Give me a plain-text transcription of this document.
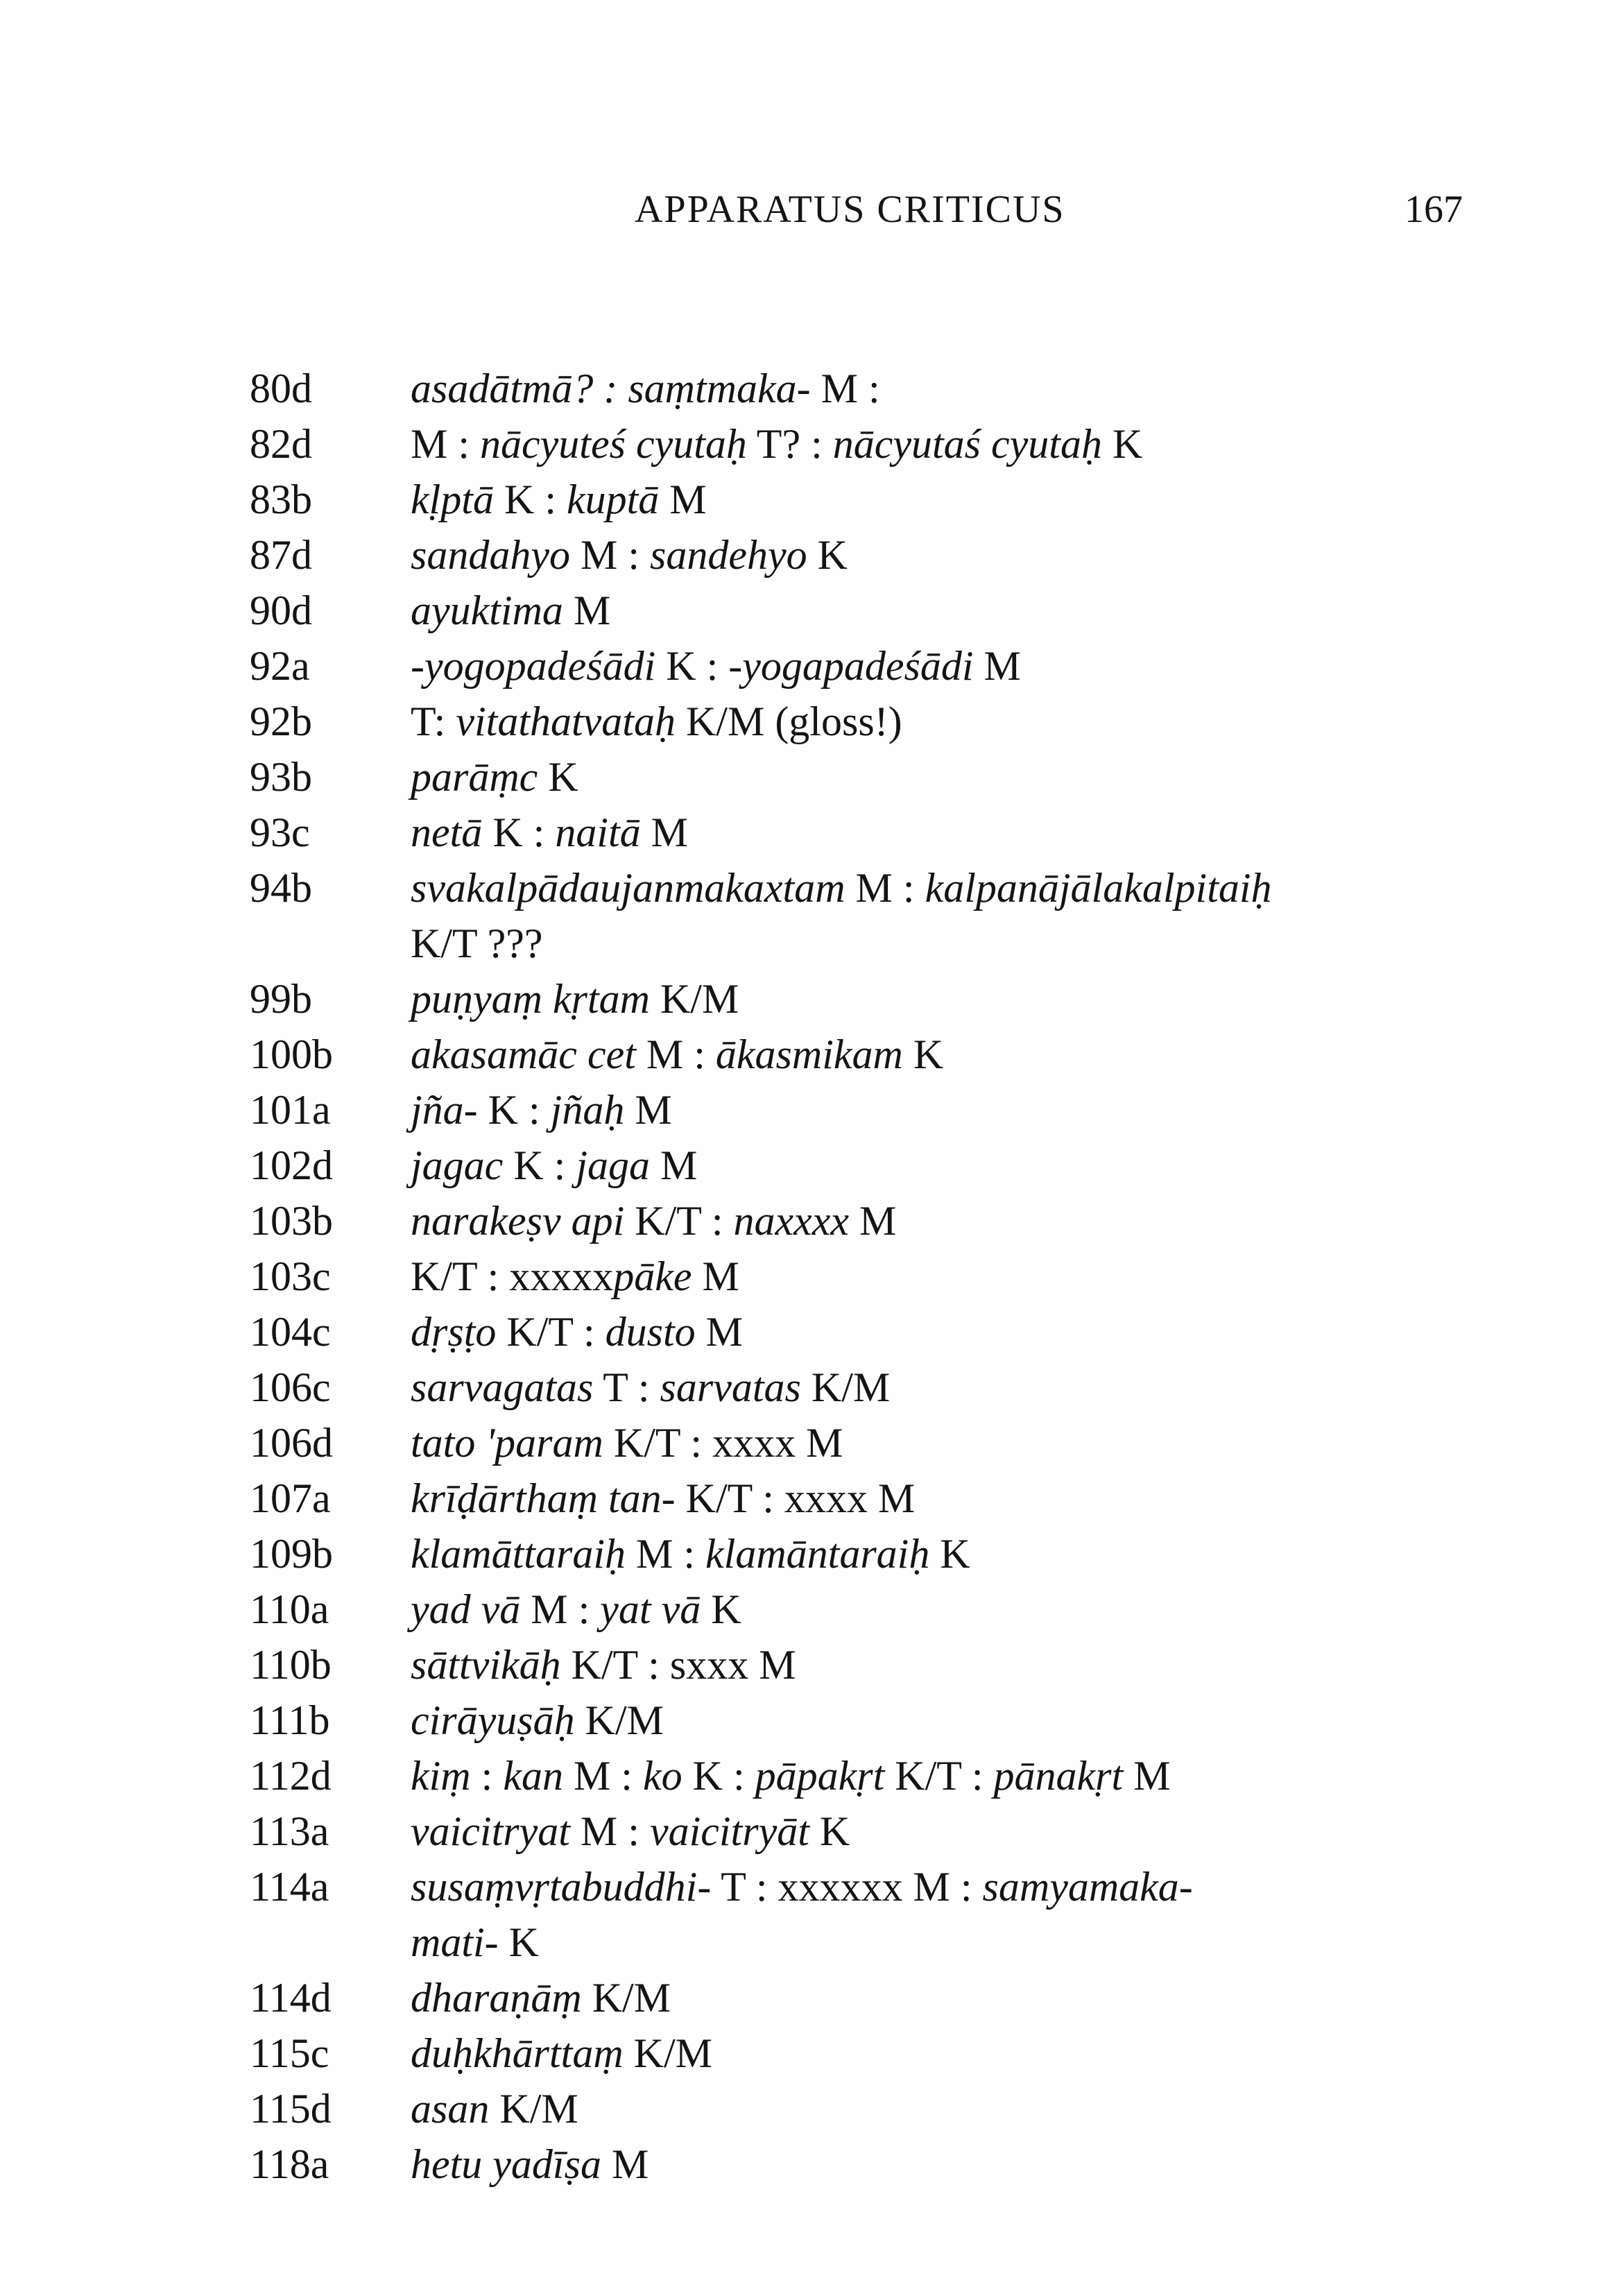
APPARATUS CRITICUS	167
80d	asadātmā? : saṃtmaka- M :
82d	M : nācyuteś cyutaḥ T? : nācyutaś cyutaḥ K
83b	kḷptā K : kuptā M
87d	sandahyo M : sandehyo K
90d	ayuktima M
92a	-yogopadeśādi K : -yogapadeśādi M
92b	T: vitathatvataḥ K/M (gloss!)
93b	parāṃc K
93c	netā K : naitā M
94b	svakalpādaujanmakaxtam M : kalpanājālakalpitaiḥ
K/T ???
99b	puṇyaṃ kṛtam K/M
100b	akasamāc cet M : ākasmikam K
101a	jña- K : jñaḥ M
102d	jagac K : jaga M
103b	narakeṣv api K/T : naxxxx M
103c	K/T : xxxxxpāke M
104c	dṛṣṭo K/T : dusto M
106c	sarvagatas T : sarvatas K/M
106d	tato 'param K/T : xxxx M
107a	krīḍārthaṃ tan- K/T : xxxx M
109b	klamāttaraiḥ M : klamāntaraiḥ K
110a	yad vā M : yat vā K
110b	sāttvikāḥ K/T : sxxx M
111b	cirāyuṣāḥ K/M
112d	kiṃ : kan M : ko K : pāpakṛt K/T : pānakṛt M
113a	vaicitryat M : vaicitryāt K
114a	susaṃvṛtabuddhi- T : xxxxxx M : samyamaka-
mati- K
114d	dharaṇāṃ K/M
115c	duḥkhārttaṃ K/M
115d	asan K/M
118a	hetu yadīṣa M
